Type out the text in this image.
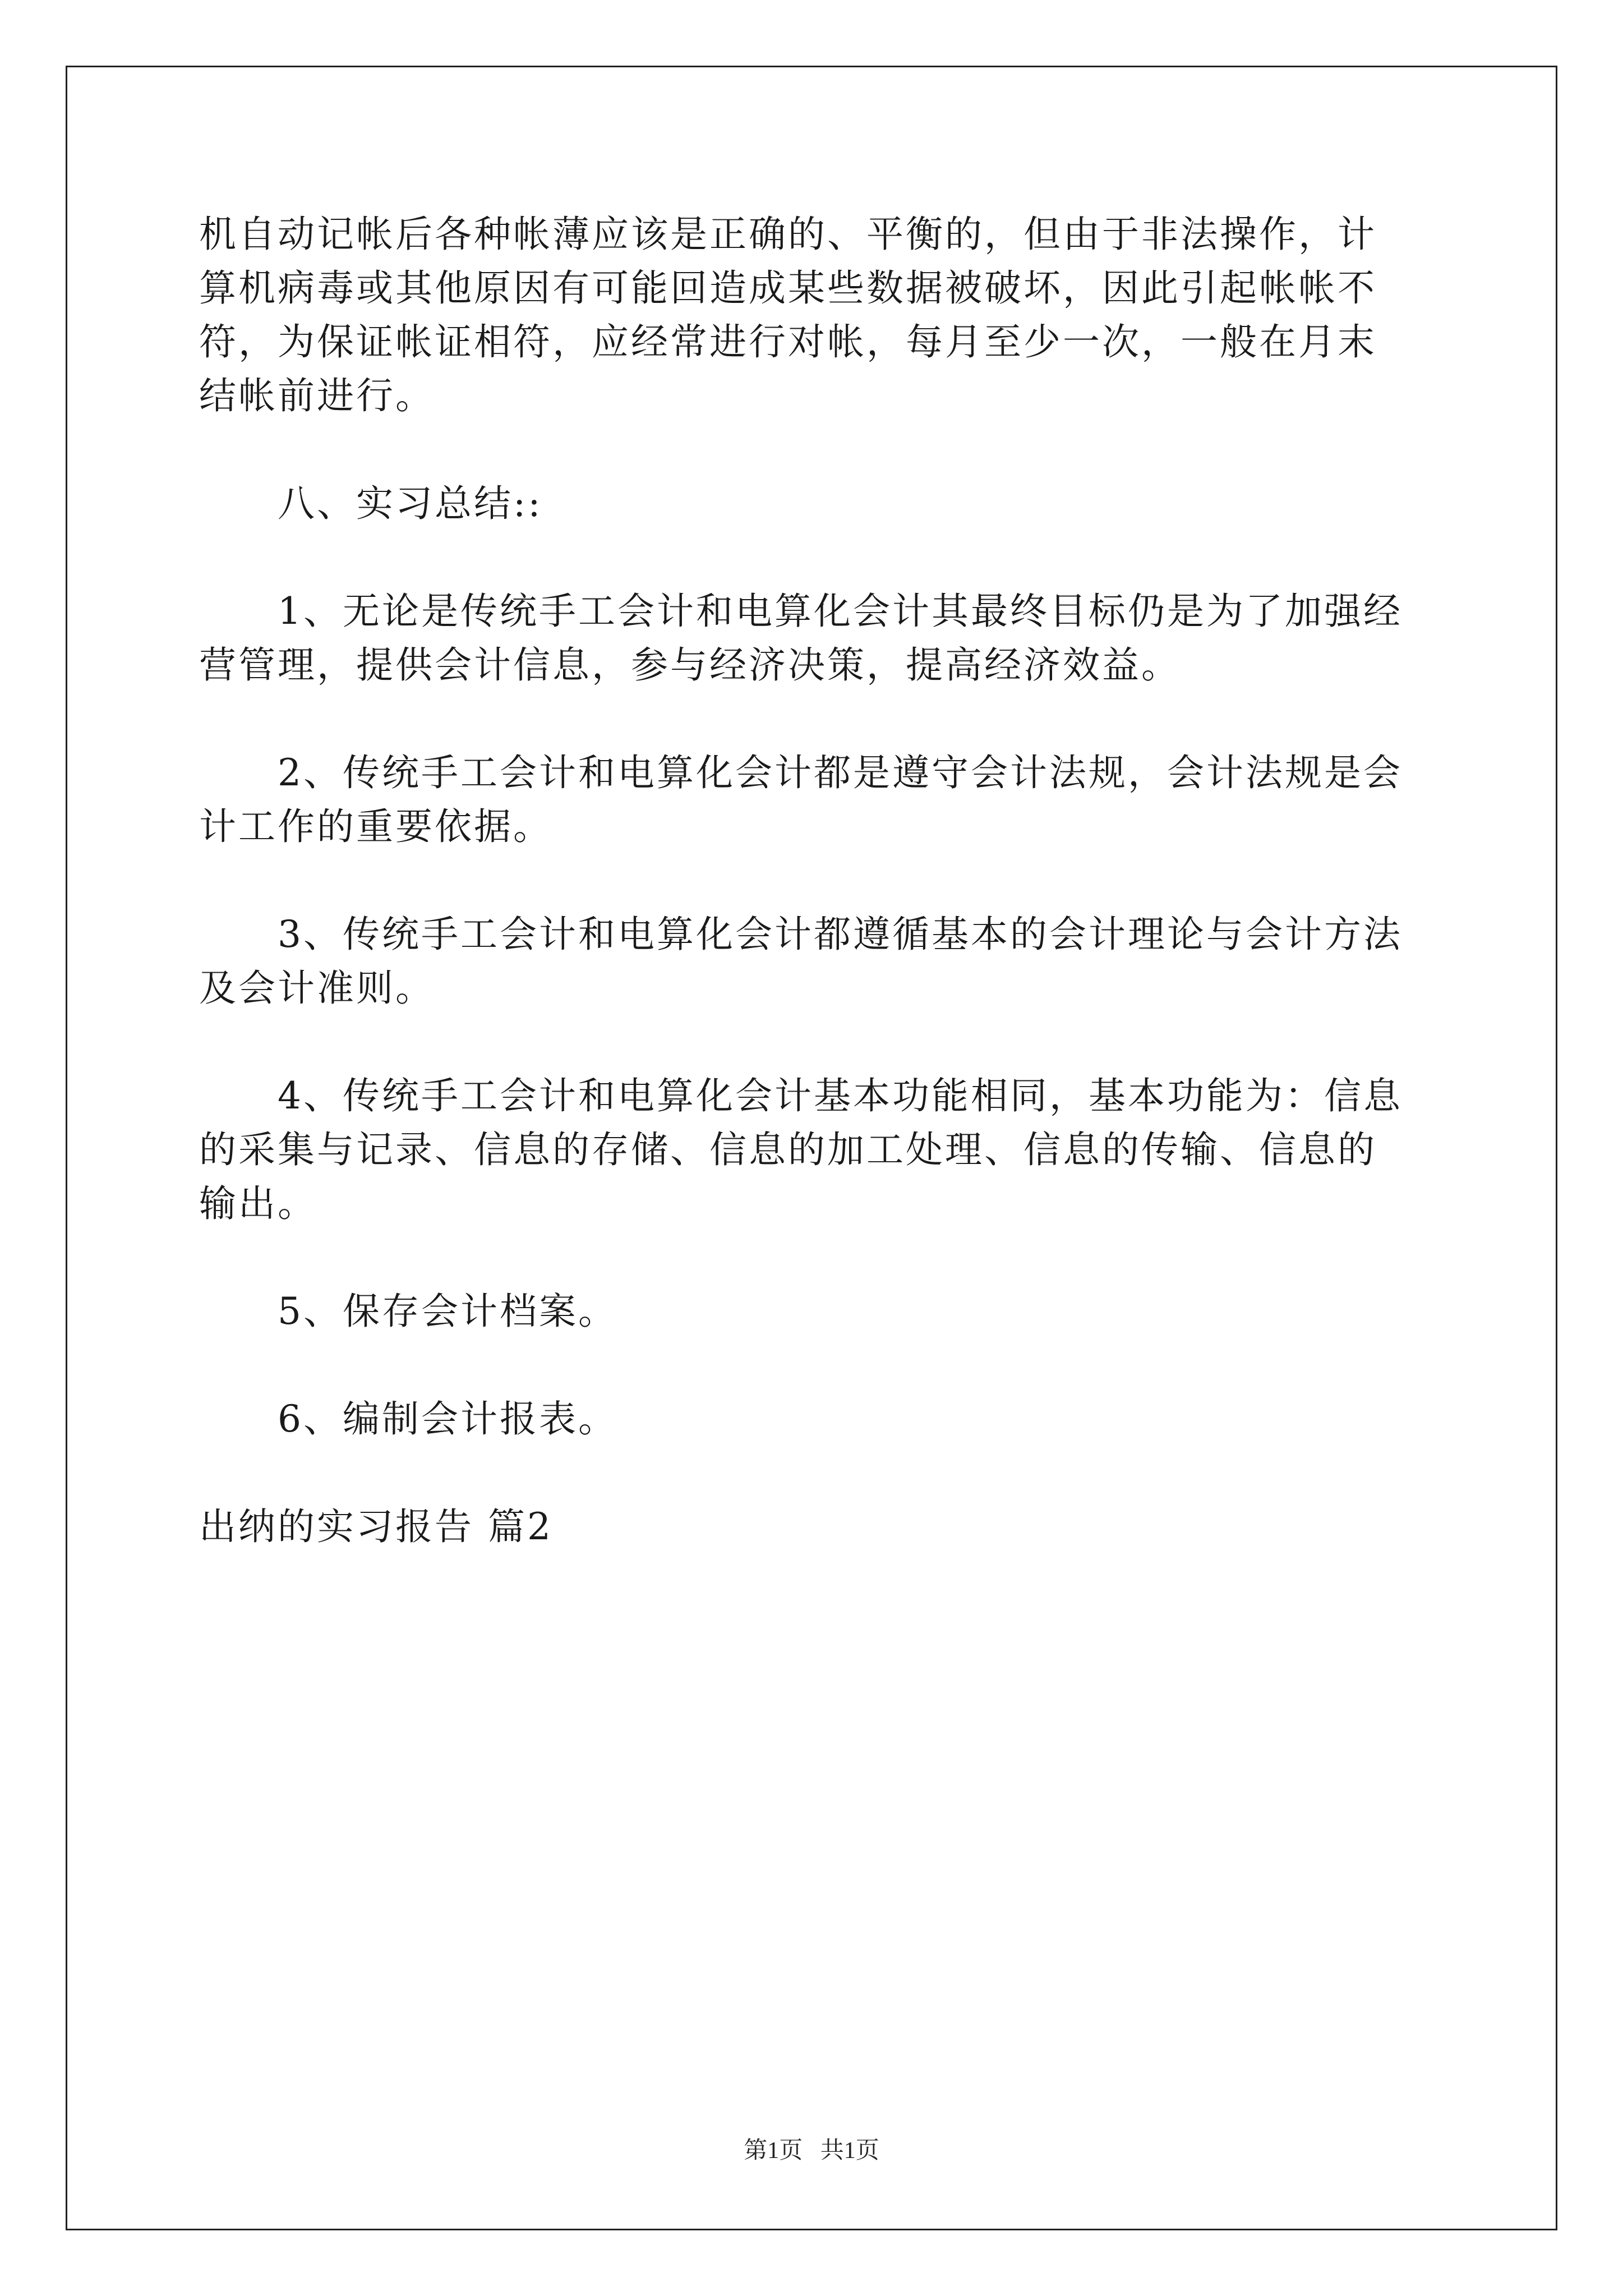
机自动记帐后各种帐薄应该是正确的、平衡的，但由于非法操作，计

算机病毒或其他原因有可能回造成某些数据被破坏，因此引起帐帐不

符，为保证帐证相符，应经常进行对帐，每月至少一次，一般在月末

结帐前进行。

八、实习总结::

1、无论是传统手工会计和电算化会计其最终目标仍是为了加强经

营管理，提供会计信息，参与经济决策，提高经济效益。

2、传统手工会计和电算化会计都是遵守会计法规，会计法规是会

计工作的重要依据。

3、传统手工会计和电算化会计都遵循基本的会计理论与会计方法

及会计准则。

4、传统手工会计和电算化会计基本功能相同，基本功能为：信息

的采集与记录、信息的存储、信息的加工处理、信息的传输、信息的

输出。

5、保存会计档案。

6、编制会计报表。

出纳的实习报告 篇2

第1页   共1页
